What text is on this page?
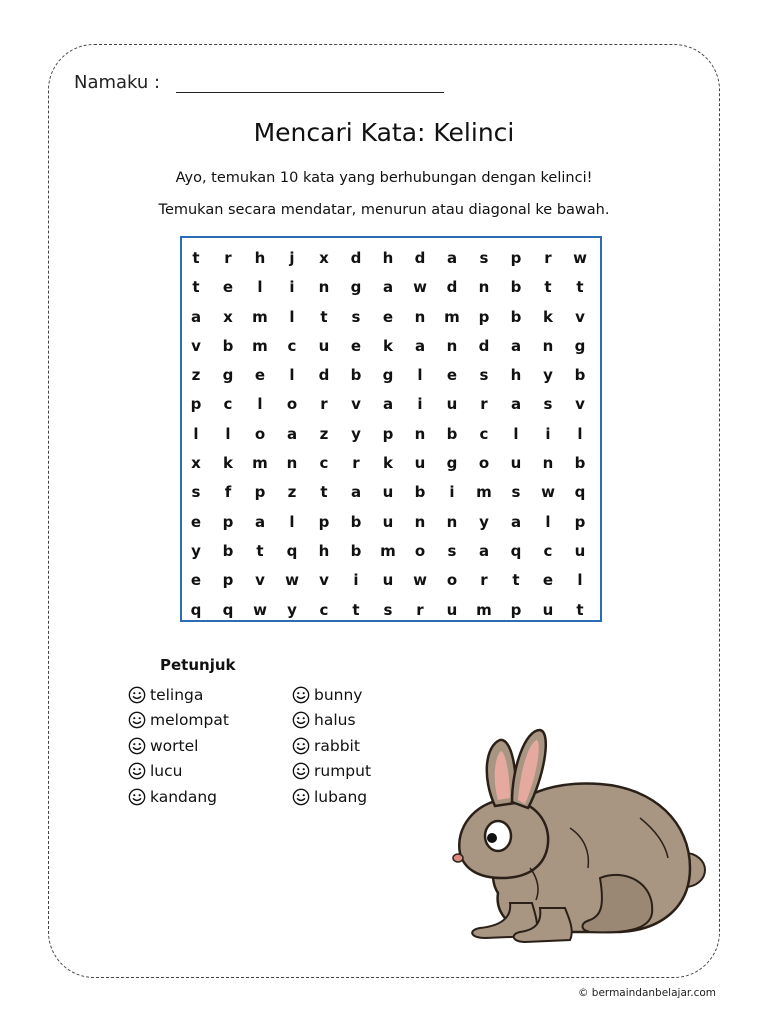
Namaku :
Mencari Kata: Kelinci
Ayo, temukan 10 kata yang berhubungan dengan kelinci!
Temukan secara mendatar, menurun atau diagonal ke bawah.
t	r	h	j	x	d	h	d	a	s	p	r	w
t	e	l	i	n	g	a	w	d	n	b	t	t
a	x	m	l	t	s	e	n	m	p	b	k	v
v	b	m	c	u	e	k	a	n	d	a	n	g
z	g	e	l	d	b	g	l	e	s	h	y	b
p	c	l	o	r	v	a	i	u	r	a	s	v
l	l	o	a	z	y	p	n	b	c	l	i	l
x	k	m	n	c	r	k	u	g	o	u	n	b
s	f	p	z	t	a	u	b	i	m	s	w	q
e	p	a	l	p	b	u	n	n	y	a	l	p
y	b	t	q	h	b	m	o	s	a	q	c	u
e	p	v	w	v	i	u	w	o	r	t	e	l
q	q	w	y	c	t	s	r	u	m	p	u	t
Petunjuk
telinga
melompat
wortel
lucu
kandang
bunny
halus
rabbit
rumput
lubang
© bermaindanbelajar.com
